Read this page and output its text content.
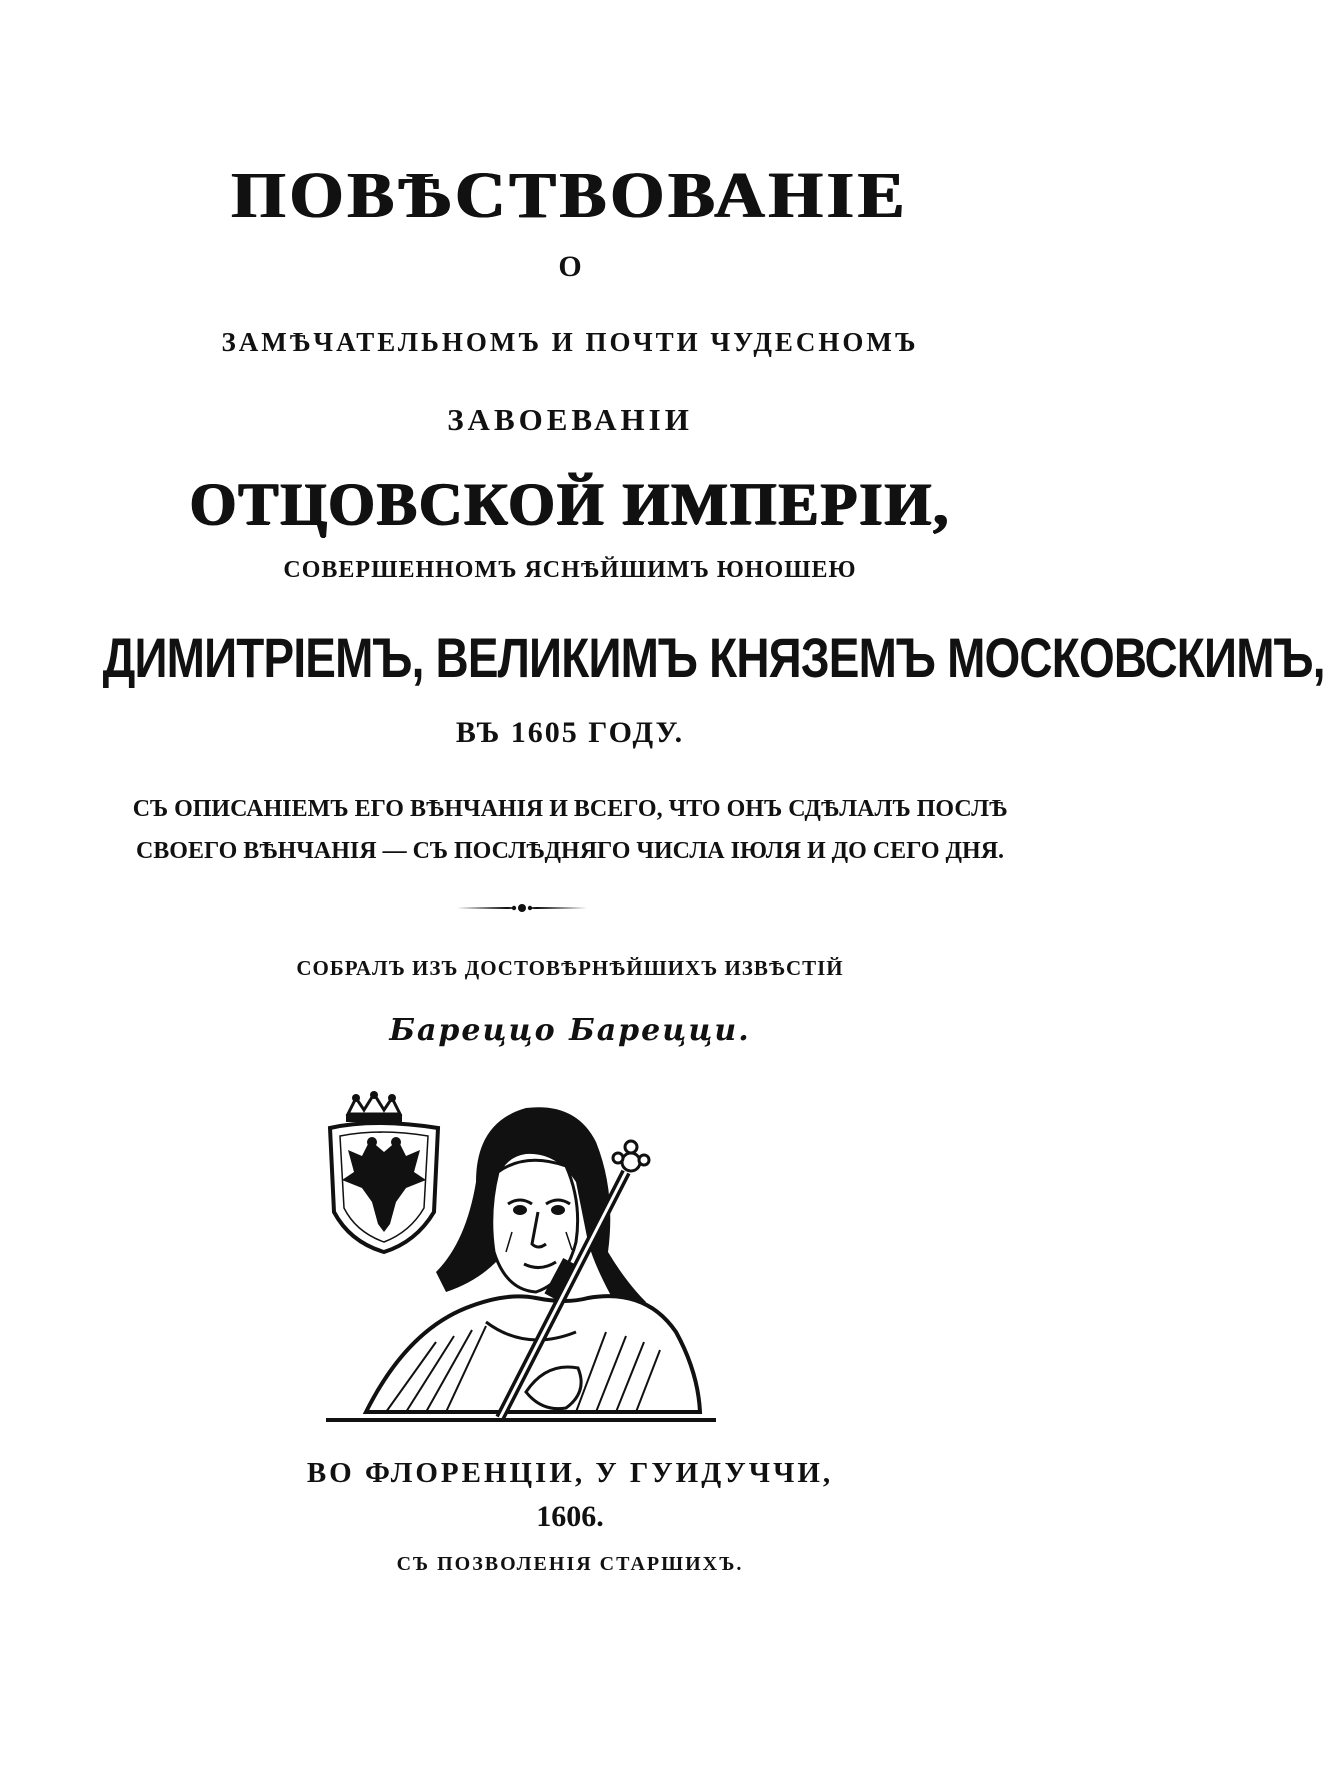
ПОВѢСТВОВАНІЕ
О
ЗАМѢЧАТЕЛЬНОМЪ И ПОЧТИ ЧУДЕСНОМЪ
ЗАВОЕВАНІИ
ОТЦОВСКОЙ ИМПЕРІИ,
СОВЕРШЕННОМЪ ЯСНѢЙШИМЪ ЮНОШЕЮ
ДИМИТРІЕМЪ, ВЕЛИКИМЪ КНЯЗЕМЪ МОСКОВСКИМЪ,
ВЪ 1605 ГОДУ.
СЪ ОПИСАНІЕМЪ ЕГО ВѢНЧАНІЯ И ВСЕГО, ЧТО ОНЪ СДѢЛАЛЪ ПОСЛѢ
СВОЕГО ВѢНЧАНІЯ — СЪ ПОСЛѢДНЯГО ЧИСЛА ІЮЛЯ И ДО СЕГО ДНЯ.
СОБРАЛЪ ИЗЪ ДОСТОВѢРНѢЙШИХЪ ИЗВѢСТІЙ
Бареццо Барецци.
ВО ФЛОРЕНЦІИ, У ГУИДУЧЧИ,
1606.
СЪ ПОЗВОЛЕНІЯ СТАРШИХЪ.
